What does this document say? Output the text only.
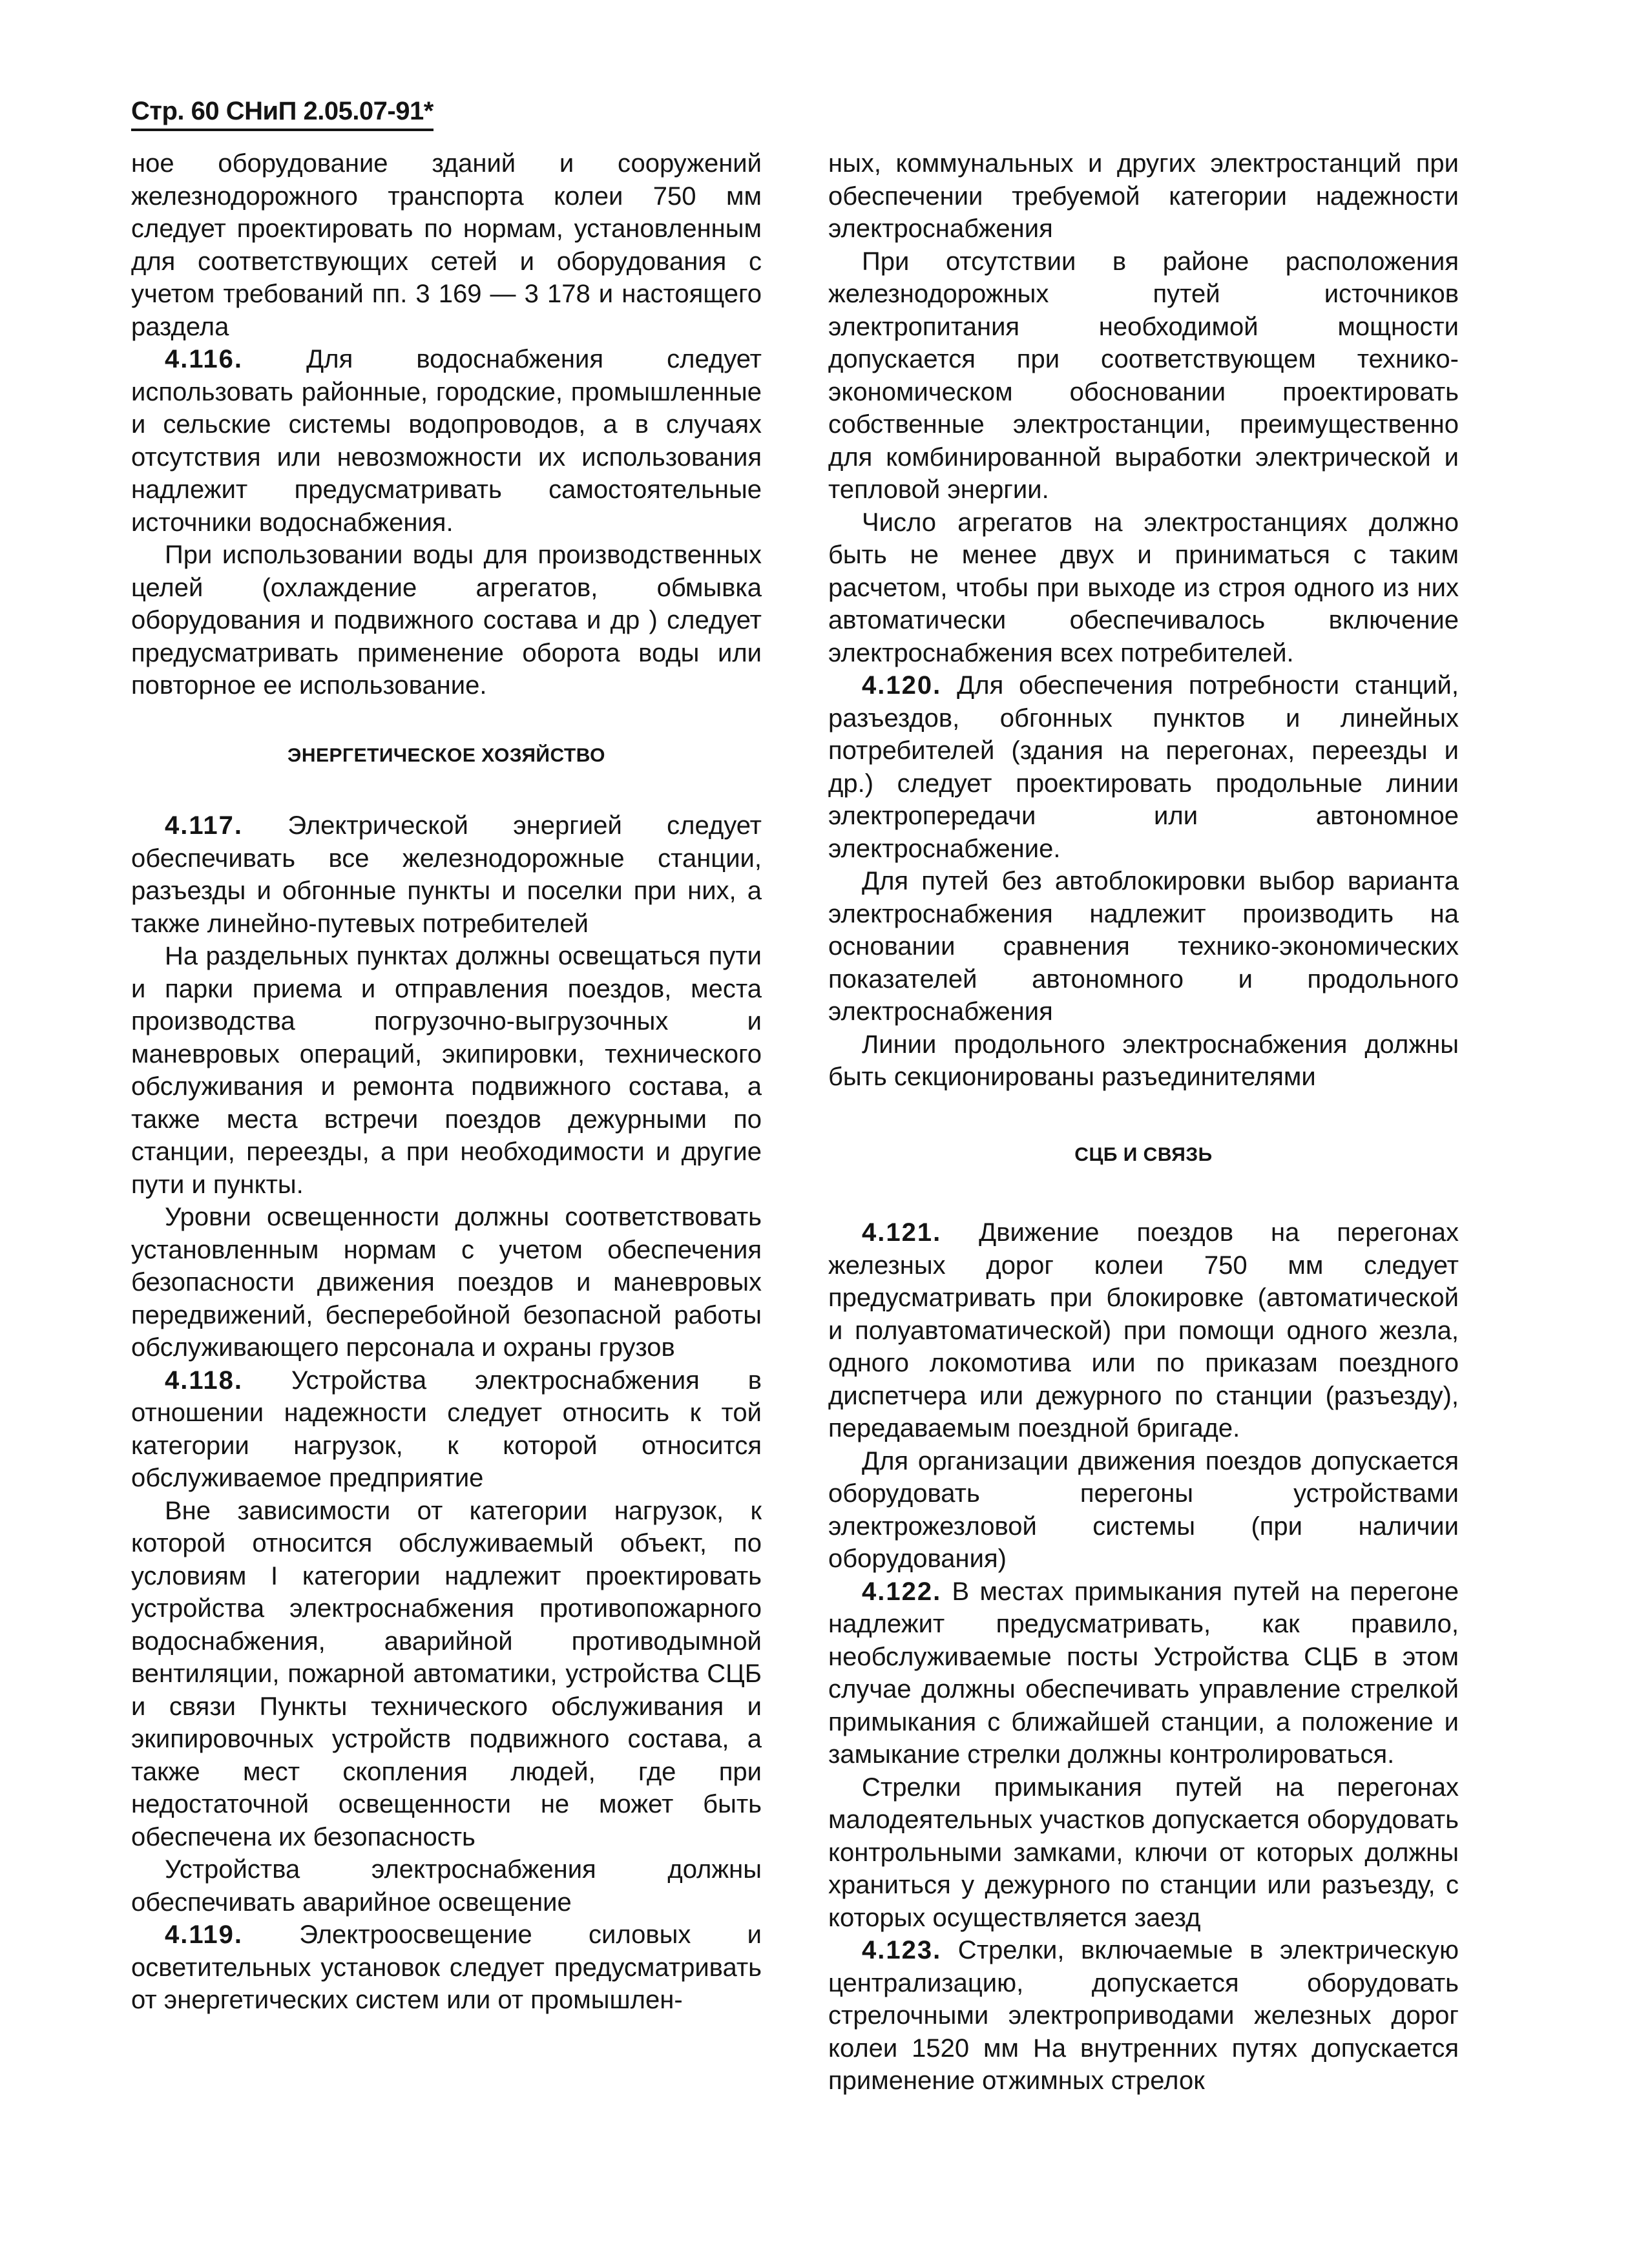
Стр. 60 СНиП 2.05.07-91*

ное оборудование зданий и сооружений железнодорожного транспорта колеи 750 мм следует проектировать по нормам, установленным для соответствующих сетей и оборудования с учетом требований пп. 3 169 — 3 178 и настоящего раздела

4.116. Для водоснабжения следует использовать районные, городские, промышленные и сельские системы водопроводов, а в случаях отсутствия или невозможности их использования надлежит предусматривать самостоятельные источники водоснабжения.

При использовании воды для производственных целей (охлаждение агрегатов, обмывка оборудования и подвижного состава и др ) следует предусматривать применение оборота воды или повторное ее использование.

ЭНЕРГЕТИЧЕСКОЕ ХОЗЯЙСТВО

4.117. Электрической энергией следует обеспечивать все железнодорожные станции, разъезды и обгонные пункты и поселки при них, а также линейно-путевых потребителей

На раздельных пунктах должны освещаться пути и парки приема и отправления поездов, места производства погрузочно-выгрузочных и маневровых операций, экипировки, технического обслуживания и ремонта подвижного состава, а также места встречи поездов дежурными по станции, переезды, а при необходимости и другие пути и пункты.

Уровни освещенности должны соответствовать установленным нормам с учетом обеспечения безопасности движения поездов и маневровых передвижений, бесперебойной безопасной работы обслуживающего персонала и охраны грузов

4.118. Устройства электроснабжения в отношении надежности следует относить к той категории нагрузок, к которой относится обслуживаемое предприятие

Вне зависимости от категории нагрузок, к которой относится обслуживаемый объект, по условиям I категории надлежит проектировать устройства электроснабжения противопожарного водоснабжения, аварийной противодымной вентиляции, пожарной автоматики, устройства СЦБ и связи Пункты технического обслуживания и экипировочных устройств подвижного состава, а также мест скопления людей, где при недостаточной освещенности не может быть обеспечена их безопасность

Устройства электроснабжения должны обеспечивать аварийное освещение

4.119. Электроосвещение силовых и осветительных установок следует предусматривать от энергетических систем или от промышлен-

ных, коммунальных и других электростанций при обеспечении требуемой категории надежности электроснабжения

При отсутствии в районе расположения железнодорожных путей источников электропитания необходимой мощности допускается при соответствующем технико-экономическом обосновании проектировать собственные электростанции, преимущественно для комбинированной выработки электрической и тепловой энергии.

Число агрегатов на электростанциях должно быть не менее двух и приниматься с таким расчетом, чтобы при выходе из строя одного из них автоматически обеспечивалось включение электроснабжения всех потребителей.

4.120. Для обеспечения потребности станций, разъездов, обгонных пунктов и линейных потребителей (здания на перегонах, переезды и др.) следует проектировать продольные линии электропередачи или автономное электроснабжение.

Для путей без автоблокировки выбор варианта электроснабжения надлежит производить на основании сравнения технико-экономических показателей автономного и продольного электроснабжения

Линии продольного электроснабжения должны быть секционированы разъединителями

СЦБ И СВЯЗЬ

4.121. Движение поездов на перегонах железных дорог колеи 750 мм следует предусматривать при блокировке (автоматической и полуавтоматической) при помощи одного жезла, одного локомотива или по приказам поездного диспетчера или дежурного по станции (разъезду), передаваемым поездной бригаде.

Для организации движения поездов допускается оборудовать перегоны устройствами электрожезловой системы (при наличии оборудования)

4.122. В местах примыкания путей на перегоне надлежит предусматривать, как правило, необслуживаемые посты Устройства СЦБ в этом случае должны обеспечивать управление стрелкой примыкания с ближайшей станции, а положение и замыкание стрелки должны контролироваться.

Стрелки примыкания путей на перегонах малодеятельных участков допускается оборудовать контрольными замками, ключи от которых должны храниться у дежурного по станции или разъезду, с которых осуществляется заезд

4.123. Стрелки, включаемые в электрическую централизацию, допускается оборудовать стрелочными электроприводами железных дорог колеи 1520 мм На внутренних путях допускается применение отжимных стрелок
